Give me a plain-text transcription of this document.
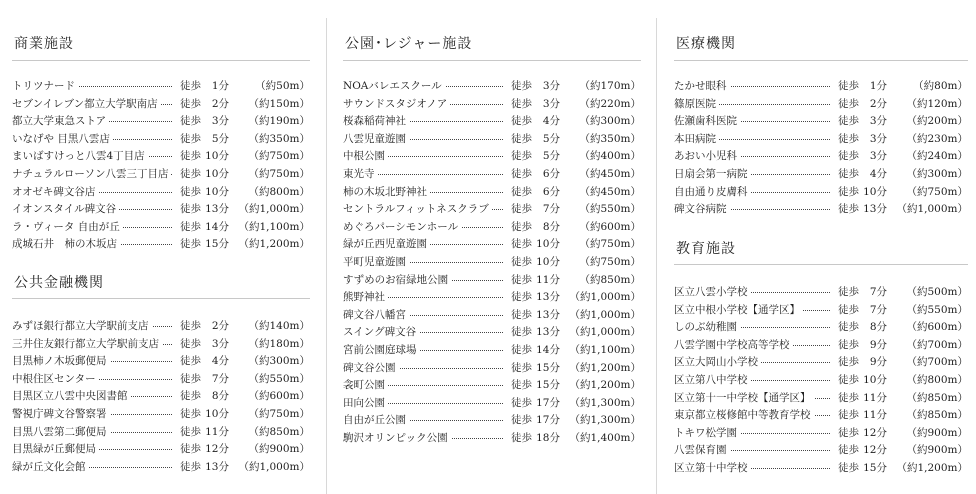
商業施設
トリツナード	徒歩	1分	（約50m）
セブンイレブン都立大学駅南店 徒歩	2分	（約150m）
都立大学東急ストア	徒歩	3分	（約190m）
いなげや 目黒八雲店	徒歩	5分	（約350m）
まいばすけっと八雲4丁目店	徒歩 10分	（約750m）
ナチュラルローソン八雲三丁目店 徒歩 10分	（約750m）
オオゼキ碑文谷店	徒歩 10分	（約800m）
イオンスタイル碑文谷	徒歩 13分 （約1,000m）
ラ・ヴィータ 自由が丘	徒歩 14分 （約1,100m）
成城石井　柿の木坂店	徒歩 15分 （約1,200m）
公共金融機関
みずほ銀行都立大学駅前支店	徒歩	2分	（約140m）
三井住友銀行都立大学駅前支店 徒歩	3分	（約180m）
目黒柿ノ木坂郵便局	徒歩	4分	（約300m）
中根住区センター	徒歩	7分	（約550m）
目黒区立八雲中央図書館	徒歩	8分	（約600m）
警視庁碑文谷警察署	徒歩 10分	（約750m）
目黒八雲第二郵便局	徒歩 11分	（約850m）
目黒緑が丘郵便局	徒歩 12分	（約900m）
緑が丘文化会館	徒歩 13分 （約1,000m）
公園･レジャー施設
NOAバレエスクール	徒歩	3分	（約170m）
サウンドスタジオノア	徒歩	3分	（約220m）
桜森稲荷神社	徒歩	4分	（約300m）
八雲児童遊園	徒歩	5分	（約350m）
中根公園	徒歩	5分	（約400m）
東光寺	徒歩	6分	（約450m）
柿の木坂北野神社	徒歩	6分	（約450m）
セントラルフィットネスクラブ 徒歩	7分	（約550m）
めぐろパーシモンホール	徒歩	8分	（約600m）
緑が丘西児童遊園	徒歩 10分	（約750m）
平町児童遊園	徒歩 10分	（約750m）
すずめのお宿緑地公園	徒歩 11分	（約850m）
熊野神社	徒歩 13分 （約1,000m）
碑文谷八幡宮	徒歩 13分 （約1,000m）
スイング碑文谷	徒歩 13分 （約1,000m）
宮前公園庭球場	徒歩 14分 （約1,100m）
碑文谷公園	徒歩 15分 （約1,200m）
衾町公園	徒歩 15分 （約1,200m）
田向公園	徒歩 17分 （約1,300m）
自由が丘公園	徒歩 17分 （約1,300m）
駒沢オリンピック公園	徒歩 18分 （約1,400m）
医療機関
たかせ眼科	徒歩	1分	（約80m）
篠原医院	徒歩	2分	（約120m）
佐瀬歯科医院	徒歩	3分	（約200m）
本田病院	徒歩	3分	（約230m）
あおい小児科	徒歩	3分	（約240m）
日扇会第一病院	徒歩	4分	（約300m）
自由通り皮膚科	徒歩 10分	（約750m）
碑文谷病院	徒歩 13分 （約1,000m）
教育施設
区立八雲小学校	徒歩	7分	（約500m）
区立中根小学校【通学区】	徒歩	7分	（約550m）
しのぶ幼稚園	徒歩	8分	（約600m）
八雲学園中学校高等学校	徒歩	9分	（約700m）
区立大岡山小学校	徒歩	9分	（約700m）
区立第八中学校	徒歩 10分	（約800m）
区立第十一中学校【通学区】	徒歩 11分	（約850m）
東京都立桜修館中等教育学校	徒歩 11分	（約850m）
トキワ松学園	徒歩 12分	（約900m）
八雲保育園	徒歩 12分	（約900m）
区立第十中学校	徒歩 15分 （約1,200m）
